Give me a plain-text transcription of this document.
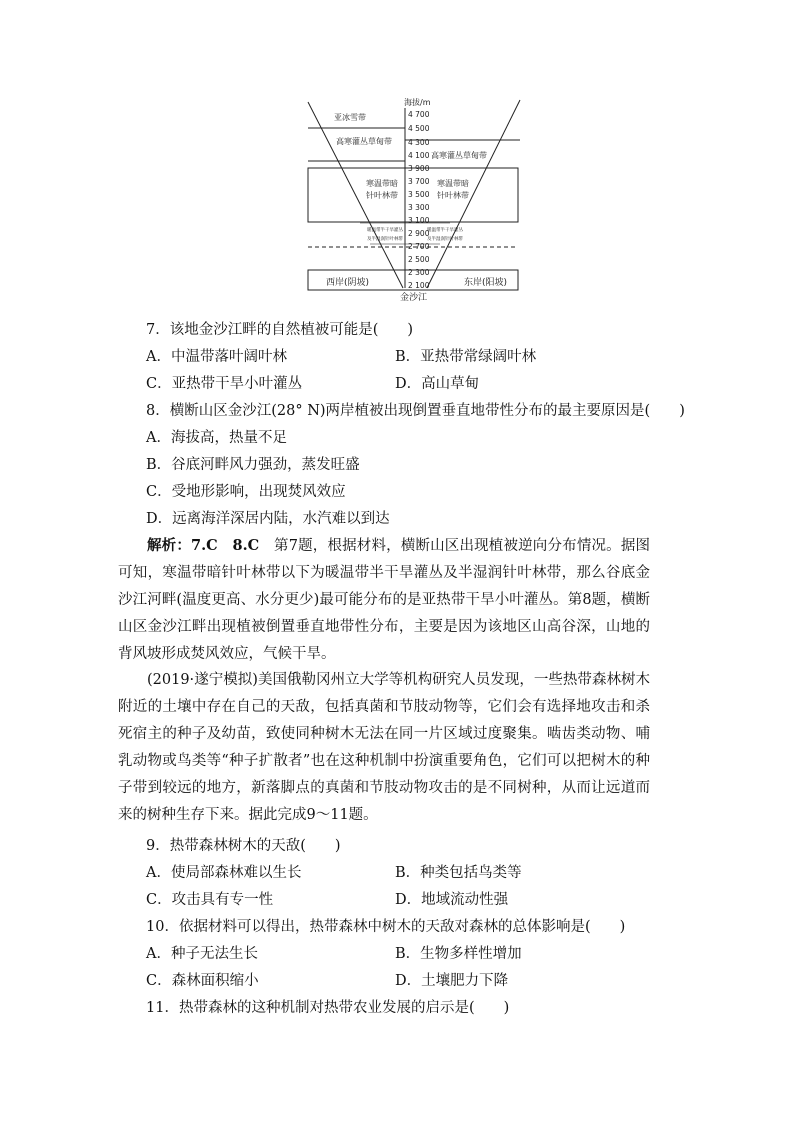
海拔/m
4 700
4 500
4 300
4 100
3 900
3 700
3 500
3 300
3 100
2 900
2 700
2 500
2 300
2 100
亚冰雪带
高寒灌丛草甸带
寒温带暗
针叶林带
暖温带半干旱灌丛
及半湿润针叶林带
西岸(阴坡)
高寒灌丛草甸带
寒温带暗
针叶林带
暖温带半干旱灌丛
及半湿润针叶林带
东岸(阳坡)
金沙江
7．该地金沙江畔的自然植被可能是(　　)
A．中温带落叶阔叶林	B．亚热带常绿阔叶林
C．亚热带干旱小叶灌丛	D．高山草甸
8．横断山区金沙江(28° N)两岸植被出现倒置垂直地带性分布的最主要原因是(　　)
A．海拔高，热量不足
B．谷底河畔风力强劲，蒸发旺盛
C．受地形影响，出现焚风效应
D．远离海洋深居内陆，水汽难以到达
解析：7.C　8.C　第7题，根据材料，横断山区出现植被逆向分布情况。据图可知，寒温带暗针叶林带以下为暖温带半干旱灌丛及半湿润针叶林带，那么谷底金沙江河畔(温度更高、水分更少)最可能分布的是亚热带干旱小叶灌丛。第8题，横断山区金沙江畔出现植被倒置垂直地带性分布，主要是因为该地区山高谷深，山地的背风坡形成焚风效应，气候干旱。
(2019·遂宁模拟)美国俄勒冈州立大学等机构研究人员发现，一些热带森林树木附近的土壤中存在自己的天敌，包括真菌和节肢动物等，它们会有选择地攻击和杀死宿主的种子及幼苗，致使同种树木无法在同一片区域过度聚集。啮齿类动物、哺乳动物或鸟类等“种子扩散者”也在这种机制中扮演重要角色，它们可以把树木的种子带到较远的地方，新落脚点的真菌和节肢动物攻击的是不同树种，从而让远道而来的树种生存下来。据此完成9～11题。
9．热带森林树木的天敌(　　)
A．使局部森林难以生长	B．种类包括鸟类等
C．攻击具有专一性	D．地域流动性强
10．依据材料可以得出，热带森林中树木的天敌对森林的总体影响是(　　)
A．种子无法生长	B．生物多样性增加
C．森林面积缩小	D．土壤肥力下降
11．热带森林的这种机制对热带农业发展的启示是(　　)
